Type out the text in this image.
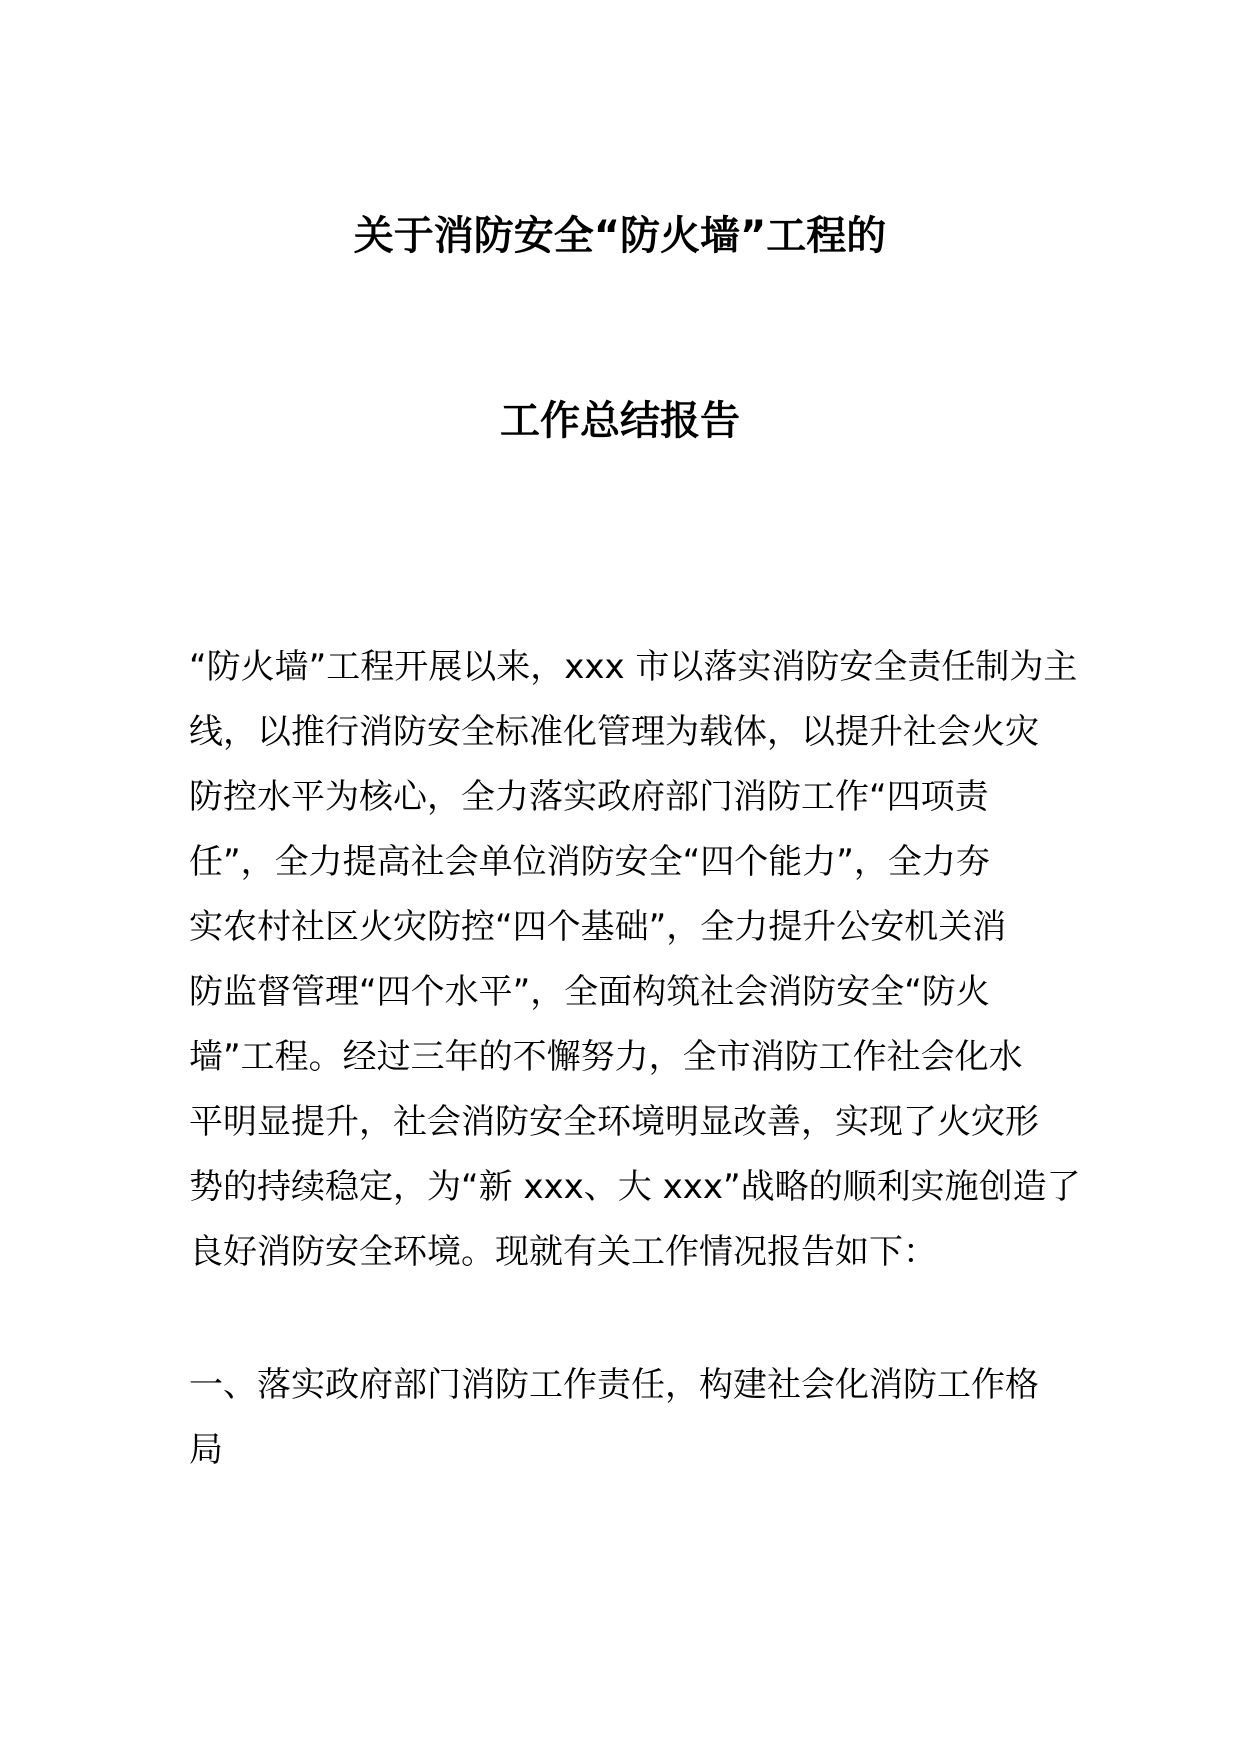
关于消防安全“防火墙”工程的
工作总结报告
“防火墙”工程开展以来，xxx 市以落实消防安全责任制为主
线，以推行消防安全标准化管理为载体，以提升社会火灾
防控水平为核心，全力落实政府部门消防工作“四项责
任”，全力提高社会单位消防安全“四个能力”，全力夯
实农村社区火灾防控“四个基础”，全力提升公安机关消
防监督管理“四个水平”，全面构筑社会消防安全“防火
墙”工程。经过三年的不懈努力，全市消防工作社会化水
平明显提升，社会消防安全环境明显改善，实现了火灾形
势的持续稳定，为“新 xxx、大 xxx”战略的顺利实施创造了
良好消防安全环境。现就有关工作情况报告如下：
一、落实政府部门消防工作责任，构建社会化消防工作格
局
